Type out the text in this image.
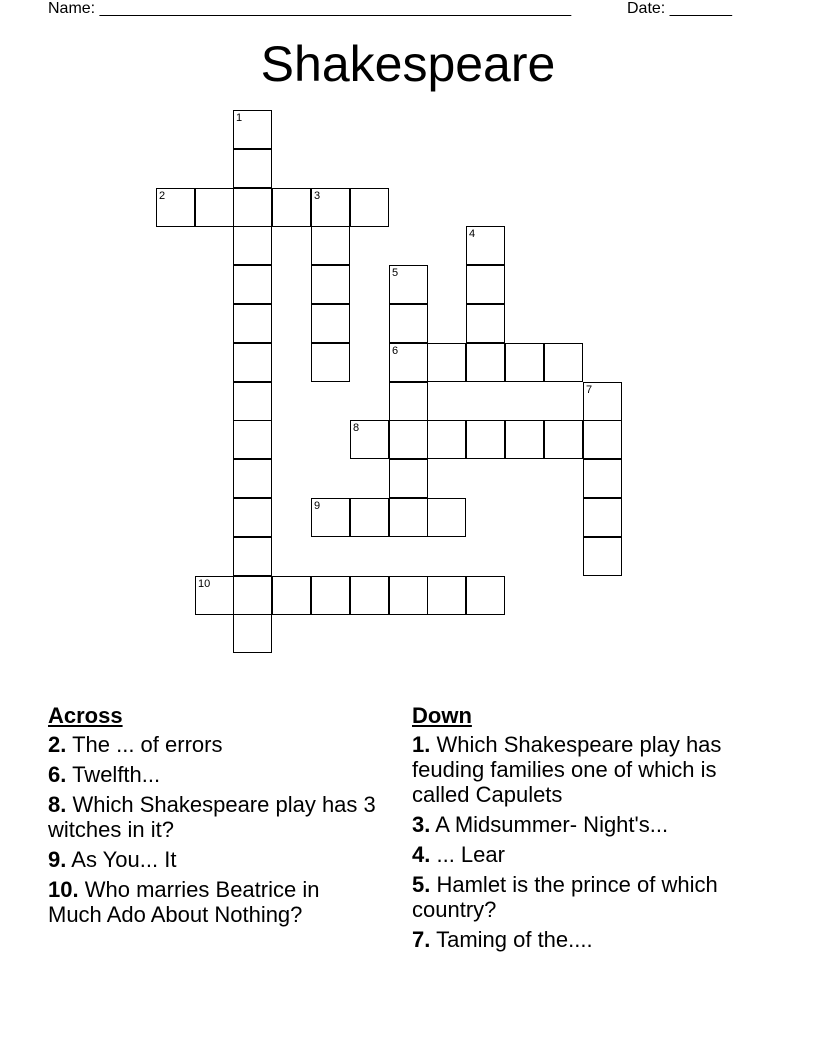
Name: _____________________________________________________	Date: _______
Shakespeare
1
2	3
4
5
6
7
8
9
10
Across
2. The ... of errors
6. Twelfth...
8. Which Shakespeare play has 3 witches in it?
9. As You... It
10. Who marries Beatrice in Much Ado About Nothing?
Down
1. Which Shakespeare play has feuding families one of which is called Capulets
3. A Midsummer- Night's...
4. ... Lear
5. Hamlet is the prince of which country?
7. Taming of the....
